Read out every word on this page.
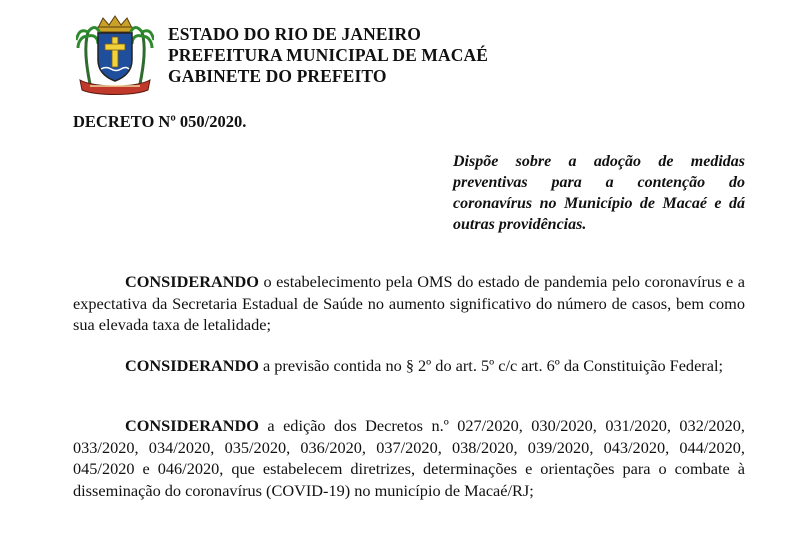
ESTADO DO RIO DE JANEIRO
PREFEITURA MUNICIPAL DE MACAÉ
GABINETE DO PREFEITO
DECRETO Nº 050/2020.
Dispõe sobre a adoção de medidas preventivas para a contenção do coronavírus no Município de Macaé e dá outras providências.
CONSIDERANDO o estabelecimento pela OMS do estado de pandemia pelo coronavírus e a expectativa da Secretaria Estadual de Saúde no aumento significativo do número de casos, bem como sua elevada taxa de letalidade;
CONSIDERANDO a previsão contida no § 2º do art. 5º c/c art. 6º da Constituição Federal;
CONSIDERANDO a edição dos Decretos n.º 027/2020, 030/2020, 031/2020, 032/2020, 033/2020, 034/2020, 035/2020, 036/2020, 037/2020, 038/2020, 039/2020, 043/2020, 044/2020, 045/2020 e 046/2020, que estabelecem diretrizes, determinações e orientações para o combate à disseminação do coronavírus (COVID-19) no município de Macaé/RJ;
